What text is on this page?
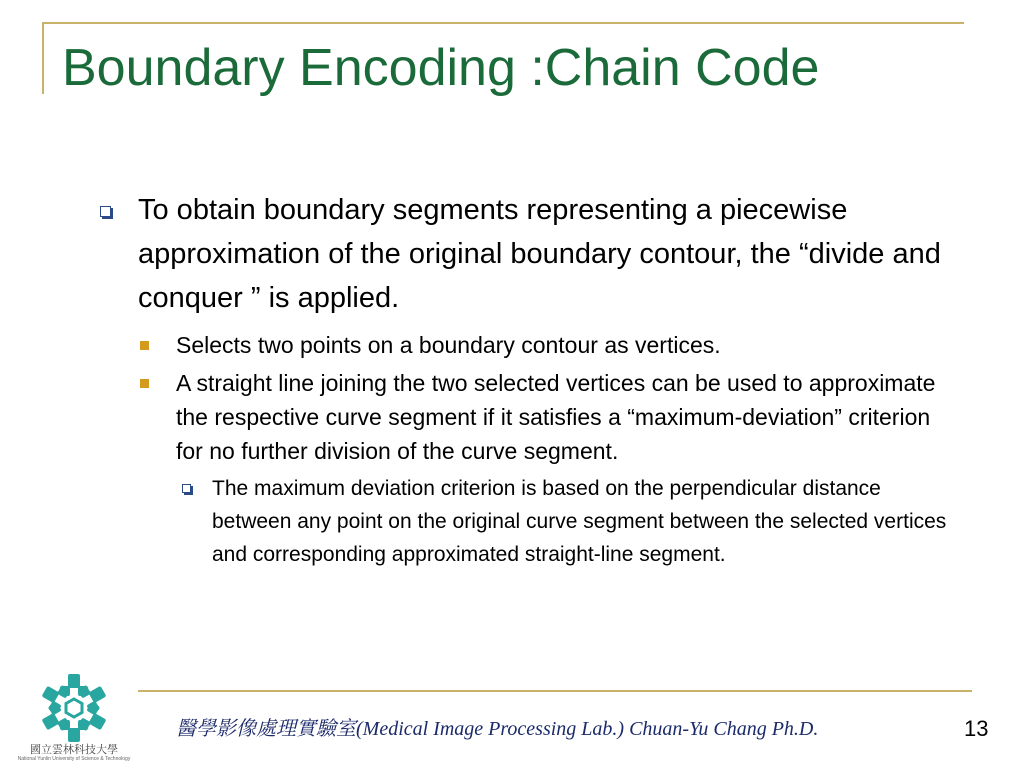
Boundary Encoding :Chain Code

To obtain boundary segments representing a piecewise approximation of the original boundary contour, the “divide and conquer ” is applied.

Selects two points on a boundary contour as vertices.

A straight line joining the two selected vertices can be used to approximate the respective curve segment if it satisfies a “maximum-deviation” criterion for no further division of the curve segment.

The maximum deviation criterion is based on the perpendicular distance between any point on the original curve segment between the selected vertices and corresponding approximated straight-line segment.

國立雲林科技大學
National Yunlin University of Science & Technology
醫學影像處理實驗室(Medical Image Processing Lab.) Chuan-Yu Chang Ph.D.	13
